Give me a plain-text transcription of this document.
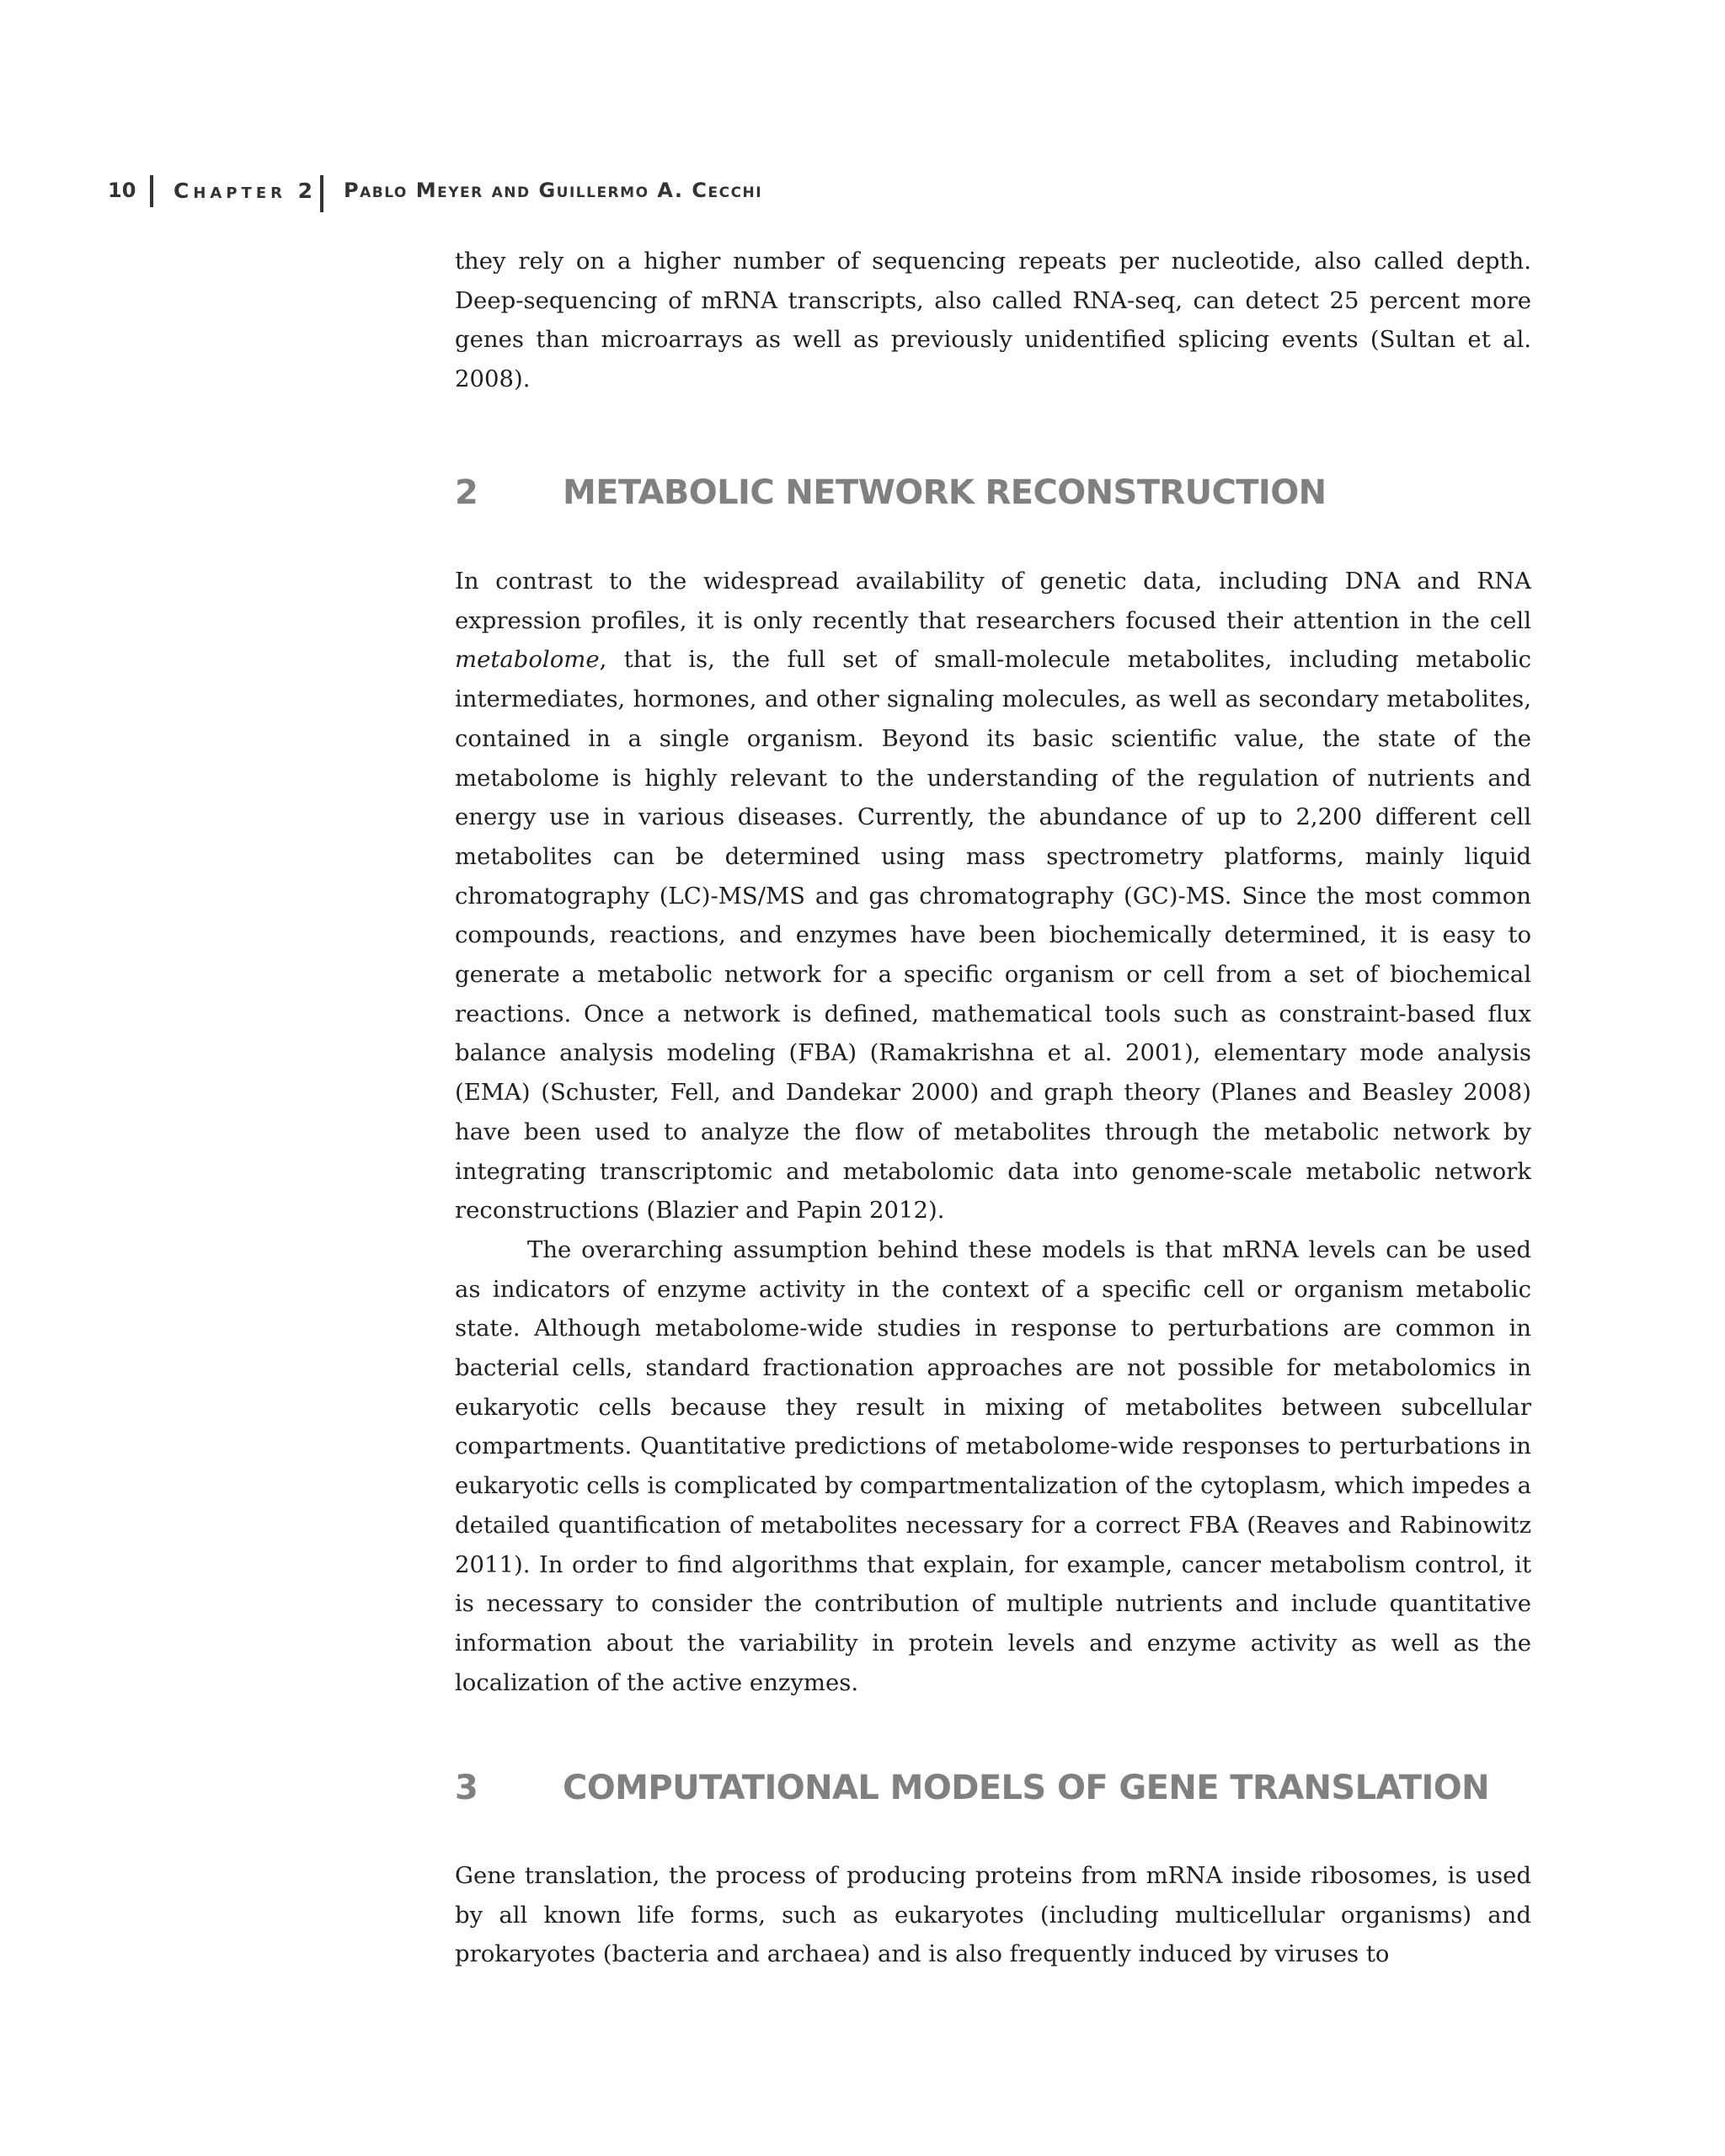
10 Chapter 2 Pablo Meyer and Guillermo A. Cecchi

they rely on a higher number of sequencing repeats per nucleotide, also called depth. Deep-sequencing of mRNA transcripts, also called RNA-seq, can detect 25 percent more genes than microarrays as well as previously unidentified splicing events (Sultan et al. 2008).

2	METABOLIC NETWORK RECONSTRUCTION

In contrast to the widespread availability of genetic data, including DNA and RNA expression profiles, it is only recently that researchers focused their attention in the cell metabolome, that is, the full set of small-molecule metabolites, including metabolic intermediates, hormones, and other signaling molecules, as well as secondary metabolites, contained in a single organism. Beyond its basic scientific value, the state of the metabolome is highly relevant to the understanding of the regulation of nutrients and energy use in various diseases. Currently, the abundance of up to 2,200 different cell metabolites can be determined using mass spectrometry platforms, mainly liquid chromatography (LC)-MS/MS and gas chromatography (GC)-MS. Since the most common compounds, reactions, and enzymes have been biochemically determined, it is easy to generate a metabolic network for a specific organism or cell from a set of biochemical reactions. Once a network is defined, mathematical tools such as constraint-based flux balance analysis modeling (FBA) (Ramakrishna et al. 2001), elementary mode analysis (EMA) (Schuster, Fell, and Dandekar 2000) and graph theory (Planes and Beasley 2008) have been used to analyze the flow of metabolites through the metabolic network by integrating transcriptomic and metabolomic data into genome-scale metabolic network reconstructions (Blazier and Papin 2012).

The overarching assumption behind these models is that mRNA levels can be used as indicators of enzyme activity in the context of a specific cell or organism metabolic state. Although metabolome-wide studies in response to perturbations are common in bacterial cells, standard fractionation approaches are not possible for metabolomics in eukaryotic cells because they result in mixing of metabolites between subcellular compartments. Quantitative predictions of metabolome-wide responses to perturbations in eukaryotic cells is complicated by compartmentalization of the cytoplasm, which impedes a detailed quantification of metabolites necessary for a correct FBA (Reaves and Rabinowitz 2011). In order to find algorithms that explain, for example, cancer metabolism control, it is necessary to consider the contribution of multiple nutrients and include quantitative information about the variability in protein levels and enzyme activity as well as the localization of the active enzymes.

3	COMPUTATIONAL MODELS OF GENE TRANSLATION

Gene translation, the process of producing proteins from mRNA inside ribosomes, is used by all known life forms, such as eukaryotes (including multicellular organisms) and prokaryotes (bacteria and archaea) and is also frequently induced by viruses to
